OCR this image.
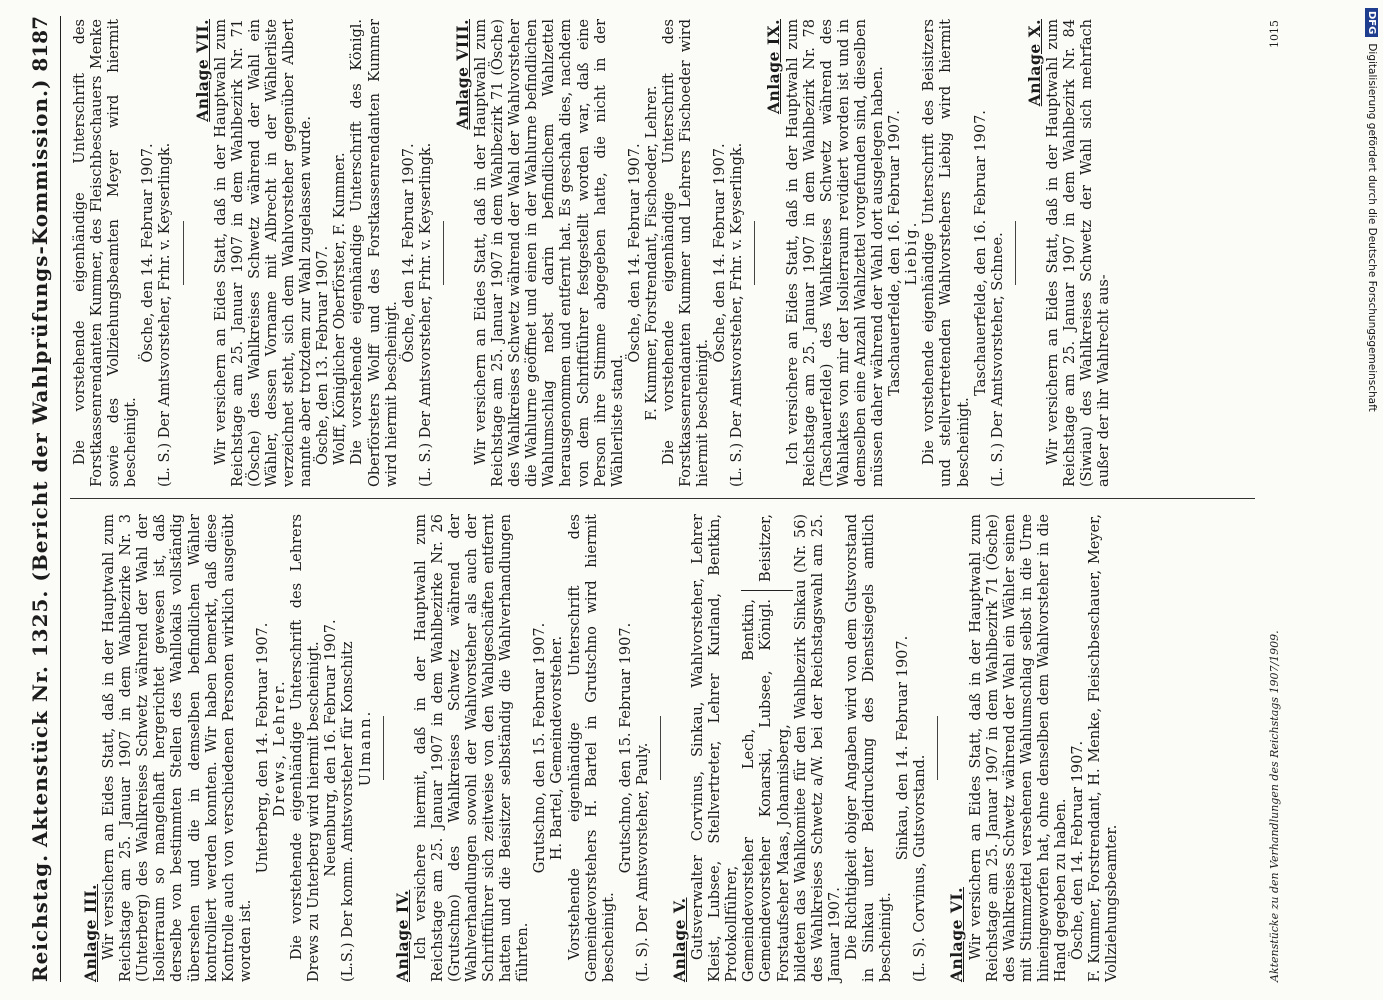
Reichstag.
Aktenstück Nr. 1325. (Bericht der Wahlprüfungs-Kommission.)
8187
Anlage III. Wir versichern an Eides Statt, daß in der Hauptwahl zum Reichstage am 25. Januar 1907 in dem Wahlbezirke Nr. 3 (Unterberg) des Wahlkreises Schwetz während der Wahl der Isolierraum so mangelhaft hergerichtet gewesen ist, daß derselbe von bestimmten Stellen des Wahllokals vollständig übersehen und die in demselben befindlichen Wähler kontrolliert werden konnten. Wir haben bemerkt, daß diese Kontrolle auch von verschiedenen Personen wirklich ausgeübt worden ist.

Unterberg, den 14. Februar 1907. Drews, Lehrer. Die vorstehende eigenhändige Unterschrift des Lehrers Drews zu Unterberg wird hiermit bescheinigt. Neuenburg, den 16. Februar 1907. (L.S.) Der komm. Amtsvorsteher für Konschitz Ulmann.

Anlage IV. Ich versichere hiermit, daß in der Hauptwahl zum Reichstage am 25. Januar 1907 in dem Wahlbezirke Nr. 26 (Grutschno) des Wahlkreises Schwetz während der Wahlverhandlungen sowohl der Wahlvorsteher als auch der Schriftführer sich zeitweise von den Wahlgeschäften entfernt hatten und die Beisitzer selbständig die Wahlverhandlungen führten.

Grutschno, den 15. Februar 1907. H. Bartel, Gemeindevorsteher. Vorstehende eigenhändige Unterschrift des Gemeindevorstehers H. Bartel in Grutschno wird hiermit bescheinigt.

Grutschno, den 15. Februar 1907. (L. S). Der Amtsvorsteher, Pauly. Anlage V. Gutsverwalter Corvinus, Sinkau, Wahlvorsteher, Lehrer Kleist, Lubsee, Stellvertreter, Lehrer Kurland, Bentkin, Protokollführer, Gemeindevorsteher Lech, Bentkin, Gemeindevorsteher Konarski, Lubsee, Königl. Forstaufseher Maas, Johannisberg,

Beisitzer, bildeten das Wahlkomitee für den Wahlbezirk Sinkau (Nr. 56) des Wahlkreises Schwetz a/W. bei der Reichstagswahl am 25. Januar 1907. Die Richtigkeit obiger Angaben wird von dem Gutsvorstand in Sinkau unter Beidruckung des Dienstsiegels amtlich bescheinigt.

Sinkau, den 14. Februar 1907.

(L. S). Corvinus, Gutsvorstand. Anlage VI. Wir versichern an Eides Statt, daß in der Hauptwahl zum Reichstage am 25. Januar 1907 in dem Wahlbezirk 71 (Ösche) des Wahlkreises Schwetz während der Wahl ein Wähler seinen mit Stimmzettel versehenen Wahlumschlag selbst in die Urne hineingeworfen hat, ohne denselben dem Wahlvorsteher in die Hand gegeben zu haben. Ösche, den 14. Februar 1907. F. Kummer, Forstrendant, H. Menke, Fleischbeschauer, Meyer, Vollziehungsbeamter.

Die vorstehende eigenhändige Unterschrift des Forstkassenrendanten Kummer, des Fleischbeschauers Menke sowie des Vollziehungsbeamten Meyer wird hiermit bescheinigt.

Ösche, den 14. Februar 1907. (L. S.) Der Amtsvorsteher, Frhr. v. Keyserlingk.

Anlage VII. Wir versichern an Eides Statt, daß in der Hauptwahl zum Reichstage am 25. Januar 1907 in dem Wahlbezirk Nr. 71 (Ösche) des Wahlkreises Schwetz während der Wahl ein Wähler, dessen Vorname mit Albrecht in der Wählerliste verzeichnet steht, sich dem Wahlvorsteher gegenüber Albert nannte aber trotzdem zur Wahl zugelassen wurde. Ösche, den 13. Februar 1907. Wolff, Königlicher Oberförster, F. Kummer. Die vorstehende eigenhändige Unterschrift des Königl. Oberförsters Wolff und des Forstkassenrendanten Kummer wird hiermit bescheinigt.

Ösche, den 14. Februar 1907. (L. S.) Der Amtsvorsteher, Frhr. v. Keyserlingk.

Anlage VIII. Wir versichern an Eides Statt, daß in der Hauptwahl zum Reichstage am 25. Januar 1907 in dem Wahlbezirk 71 (Ösche) des Wahlkreises Schwetz während der Wahl der Wahlvorsteher die Wahlurne geöffnet und einen in der Wahlurne befindlichen Wahlumschlag nebst darin befindlichem Wahlzettel herausgenommen und entfernt hat. Es geschah dies, nachdem von dem Schriftführer festgestellt worden war, daß eine Person ihre Stimme abgegeben hatte, die nicht in der Wählerliste stand.

Ösche, den 14. Februar 1907. F. Kummer, Forstrendant, Fischoeder, Lehrer. Die vorstehende eigenhändige Unterschrift des Forstkassenrendanten Kummer und Lehrers Fischoeder wird hiermit bescheinigt.

Ösche, den 14. Februar 1907. (L. S.) Der Amtsvorsteher, Frhr. v. Keyserlingk.

Anlage IX. Ich versichere an Eides Statt, daß in der Hauptwahl zum Reichstage am 25. Januar 1907 in dem Wahlbezirk Nr. 78 (Taschauerfelde) des Wahlkreises Schwetz während des Wahlaktes von mir der Isolierraum revidiert worden ist und in demselben eine Anzahl Wahlzettel vorgefunden sind, dieselben müssen daher während der Wahl dort ausgelegen haben. Taschauerfelde, den 16. Februar 1907. Liebig. Die vorstehende eigenhändige Unterschrift des Beisitzers und stellvertretenden Wahlvorstehers Liebig wird hiermit bescheinigt.

Taschauerfelde, den 16. Februar 1907. (L. S.) Der Amtsvorsteher, Schnee.

Anlage X. Wir versichern an Eides Statt, daß in der Hauptwahl zum Reichstage am 25. Januar 1907 in dem Wahlbezirk Nr. 84 (Siwiau) des Wahlkreises Schwetz der Wahl sich mehrfach außer der ihr Wahlrecht aus-

Aktenstücke zu den Verhandlungen des Reichstags 1907/1909.
1015	DFG
Digitalisierung gefördert durch die Deutsche Forschungsgemeinschaft
